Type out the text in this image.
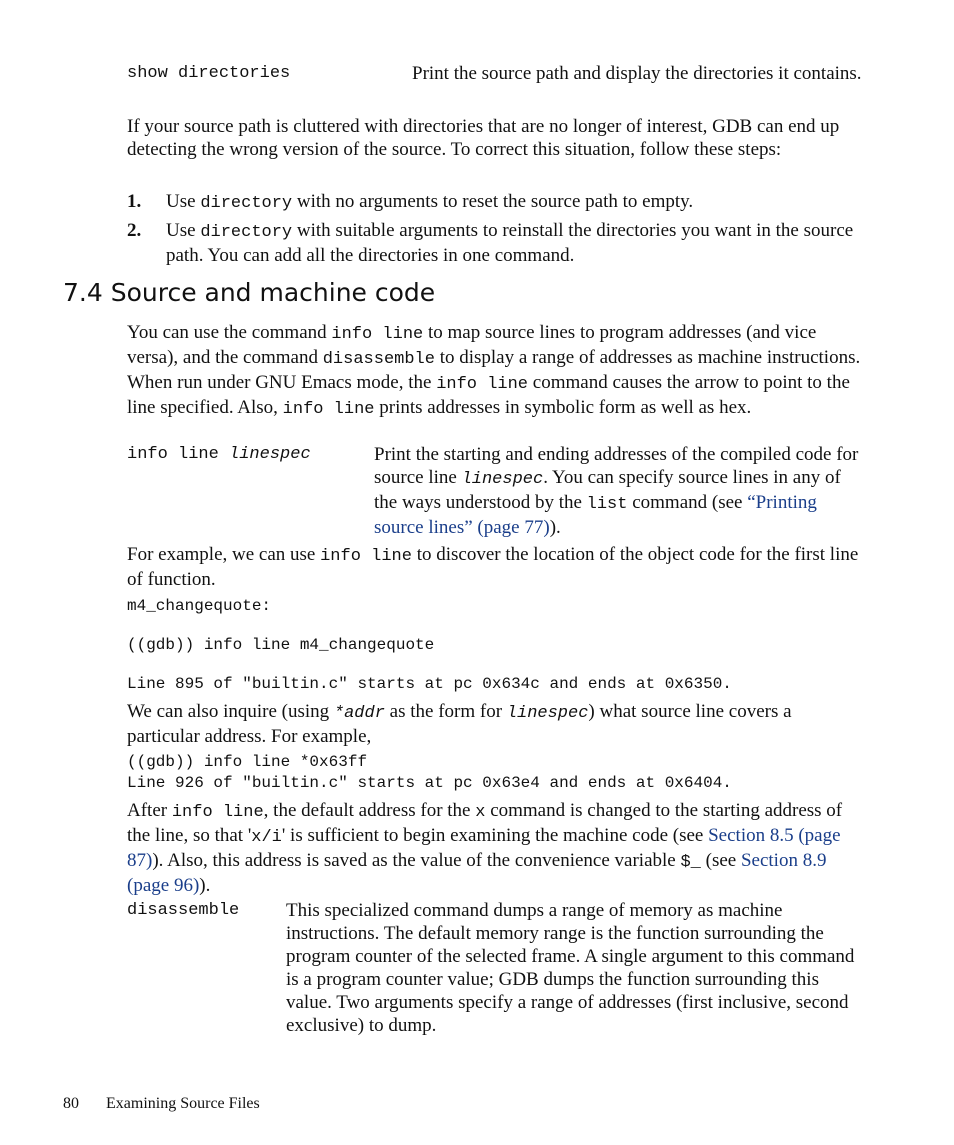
show directories	Print the source path and display the directories it contains.

If your source path is cluttered with directories that are no longer of interest, GDB can end up detecting the wrong version of the source. To correct this situation, follow these steps:

1. Use directory with no arguments to reset the source path to empty.
2. Use directory with suitable arguments to reinstall the directories you want in the source path. You can add all the directories in one command.
7.4 Source and machine code

You can use the command info line to map source lines to program addresses (and vice versa), and the command disassemble to display a range of addresses as machine instructions. When run under GNU Emacs mode, the info line command causes the arrow to point to the line specified. Also, info line prints addresses in symbolic form as well as hex.

info line linespec	Print the starting and ending addresses of the compiled code for source line linespec. You can specify source lines in any of the ways understood by the list command (see “Printing source lines” (page 77)).

For example, we can use info line to discover the location of the object code for the first line of function.

m4_changequote:
((gdb)) info line m4_changequote
Line 895 of "builtin.c" starts at pc 0x634c and ends at 0x6350.

We can also inquire (using *addr as the form for linespec) what source line covers a particular address. For example,

((gdb)) info line *0x63ff
Line 926 of "builtin.c" starts at pc 0x63e4 and ends at 0x6404.

After info line, the default address for the x command is changed to the starting address of the line, so that 'x/i' is sufficient to begin examining the machine code (see Section 8.5 (page 87)). Also, this address is saved as the value of the convenience variable $_ (see Section 8.9 (page 96)).

disassemble This specialized command dumps a range of memory as machine instructions. The default memory range is the function surrounding the program counter of the selected frame. A single argument to this command is a program counter value; GDB dumps the function surrounding this value. Two arguments specify a range of addresses (first inclusive, second exclusive) to dump.
80 Examining Source Files
